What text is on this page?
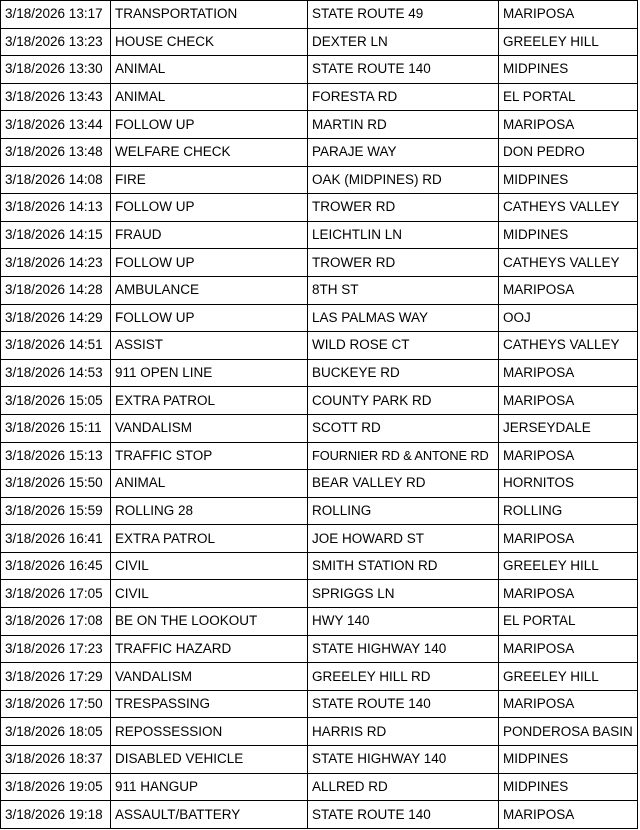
3/18/2026 13:17	TRANSPORTATION	STATE ROUTE 49	MARIPOSA
3/18/2026 13:23	HOUSE CHECK	DEXTER LN	GREELEY HILL
3/18/2026 13:30	ANIMAL	STATE ROUTE 140	MIDPINES
3/18/2026 13:43	ANIMAL	FORESTA RD	EL PORTAL
3/18/2026 13:44	FOLLOW UP	MARTIN RD	MARIPOSA
3/18/2026 13:48	WELFARE CHECK	PARAJE WAY	DON PEDRO
3/18/2026 14:08	FIRE	OAK (MIDPINES) RD	MIDPINES
3/18/2026 14:13	FOLLOW UP	TROWER RD	CATHEYS VALLEY
3/18/2026 14:15	FRAUD	LEICHTLIN LN	MIDPINES
3/18/2026 14:23	FOLLOW UP	TROWER RD	CATHEYS VALLEY
3/18/2026 14:28	AMBULANCE	8TH ST	MARIPOSA
3/18/2026 14:29	FOLLOW UP	LAS PALMAS WAY	OOJ
3/18/2026 14:51	ASSIST	WILD ROSE CT	CATHEYS VALLEY
3/18/2026 14:53	911 OPEN LINE	BUCKEYE RD	MARIPOSA
3/18/2026 15:05	EXTRA PATROL	COUNTY PARK RD	MARIPOSA
3/18/2026 15:11	VANDALISM	SCOTT RD	JERSEYDALE
3/18/2026 15:13	TRAFFIC STOP	FOURNIER RD & ANTONE RD	MARIPOSA
3/18/2026 15:50	ANIMAL	BEAR VALLEY RD	HORNITOS
3/18/2026 15:59	ROLLING 28	ROLLING	ROLLING
3/18/2026 16:41	EXTRA PATROL	JOE HOWARD ST	MARIPOSA
3/18/2026 16:45	CIVIL	SMITH STATION RD	GREELEY HILL
3/18/2026 17:05	CIVIL	SPRIGGS LN	MARIPOSA
3/18/2026 17:08	BE ON THE LOOKOUT	HWY 140	EL PORTAL
3/18/2026 17:23	TRAFFIC HAZARD	STATE HIGHWAY 140	MARIPOSA
3/18/2026 17:29	VANDALISM	GREELEY HILL RD	GREELEY HILL
3/18/2026 17:50	TRESPASSING	STATE ROUTE 140	MARIPOSA
3/18/2026 18:05	REPOSSESSION	HARRIS RD	PONDEROSA BASIN
3/18/2026 18:37	DISABLED VEHICLE	STATE HIGHWAY 140	MIDPINES
3/18/2026 19:05	911 HANGUP	ALLRED RD	MIDPINES
3/18/2026 19:18	ASSAULT/BATTERY	STATE ROUTE 140	MARIPOSA
